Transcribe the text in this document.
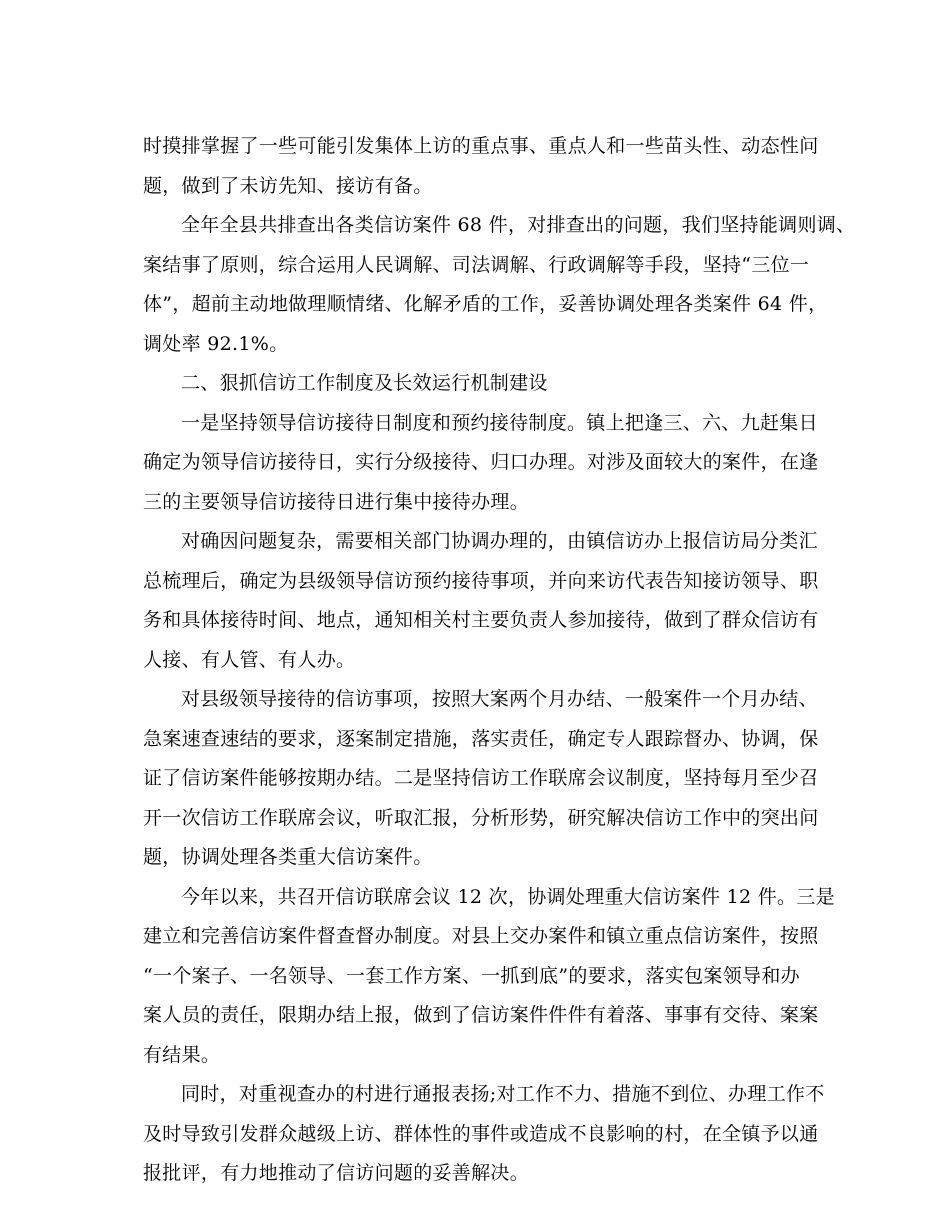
时摸排掌握了一些可能引发集体上访的重点事、重点人和一些苗头性、动态性问
题，做到了未访先知、接访有备。
全年全县共排查出各类信访案件 68 件，对排查出的问题，我们坚持能调则调、
案结事了原则，综合运用人民调解、司法调解、行政调解等手段，坚持“三位一
体”，超前主动地做理顺情绪、化解矛盾的工作，妥善协调处理各类案件 64 件，
调处率 92.1%。
二、狠抓信访工作制度及长效运行机制建设
一是坚持领导信访接待日制度和预约接待制度。镇上把逢三、六、九赶集日
确定为领导信访接待日，实行分级接待、归口办理。对涉及面较大的案件，在逢
三的主要领导信访接待日进行集中接待办理。
对确因问题复杂，需要相关部门协调办理的，由镇信访办上报信访局分类汇
总梳理后，确定为县级领导信访预约接待事项，并向来访代表告知接访领导、职
务和具体接待时间、地点，通知相关村主要负责人参加接待，做到了群众信访有
人接、有人管、有人办。
对县级领导接待的信访事项，按照大案两个月办结、一般案件一个月办结、
急案速查速结的要求，逐案制定措施，落实责任，确定专人跟踪督办、协调，保
证了信访案件能够按期办结。二是坚持信访工作联席会议制度，坚持每月至少召
开一次信访工作联席会议，听取汇报，分析形势，研究解决信访工作中的突出问
题，协调处理各类重大信访案件。
今年以来，共召开信访联席会议 12 次，协调处理重大信访案件 12 件。三是
建立和完善信访案件督查督办制度。对县上交办案件和镇立重点信访案件，按照
“一个案子、一名领导、一套工作方案、一抓到底”的要求，落实包案领导和办
案人员的责任，限期办结上报，做到了信访案件件件有着落、事事有交待、案案
有结果。
同时，对重视查办的村进行通报表扬;对工作不力、措施不到位、办理工作不
及时导致引发群众越级上访、群体性的事件或造成不良影响的村，在全镇予以通
报批评，有力地推动了信访问题的妥善解决。
